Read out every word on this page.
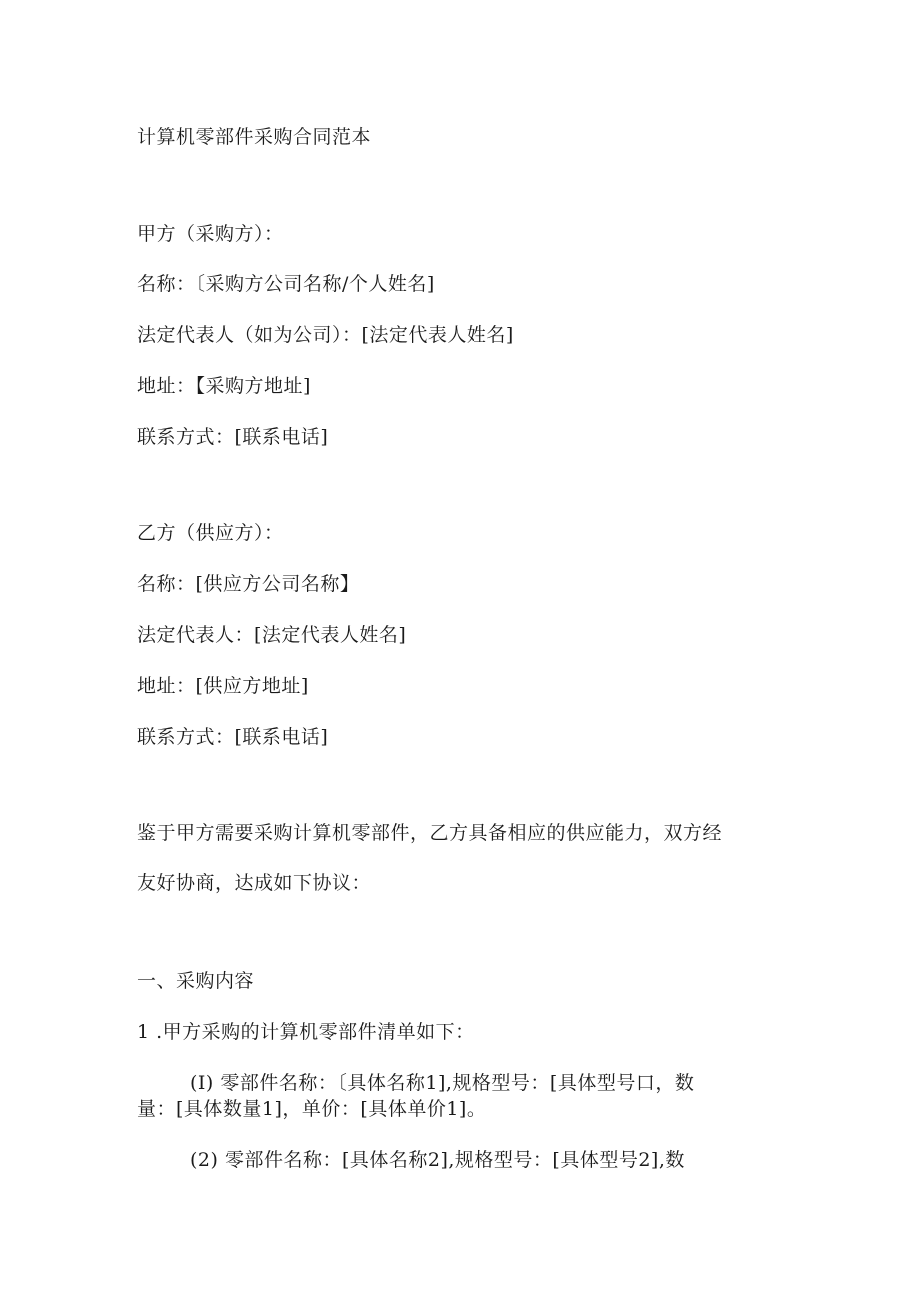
计算机零部件采购合同范本
甲方（采购方）：
名称：〔采购方公司名称/个人姓名]
法定代表人（如为公司）：[法定代表人姓名]
地址：【采购方地址]
联系方式：[联系电话]
乙方（供应方）：
名称：[供应方公司名称】
法定代表人：[法定代表人姓名]
地址：[供应方地址]
联系方式：[联系电话]
鉴于甲方需要采购计算机零部件，乙方具备相应的供应能力，双方经
友好协商，达成如下协议：
一、采购内容
1 .甲方采购的计算机零部件清单如下：
(I) 零部件名称：〔具体名称1],规格型号：[具体型号口，数
量：[具体数量1]，单价：[具体单价1]。
(2) 零部件名称：[具体名称2],规格型号：[具体型号2],数
